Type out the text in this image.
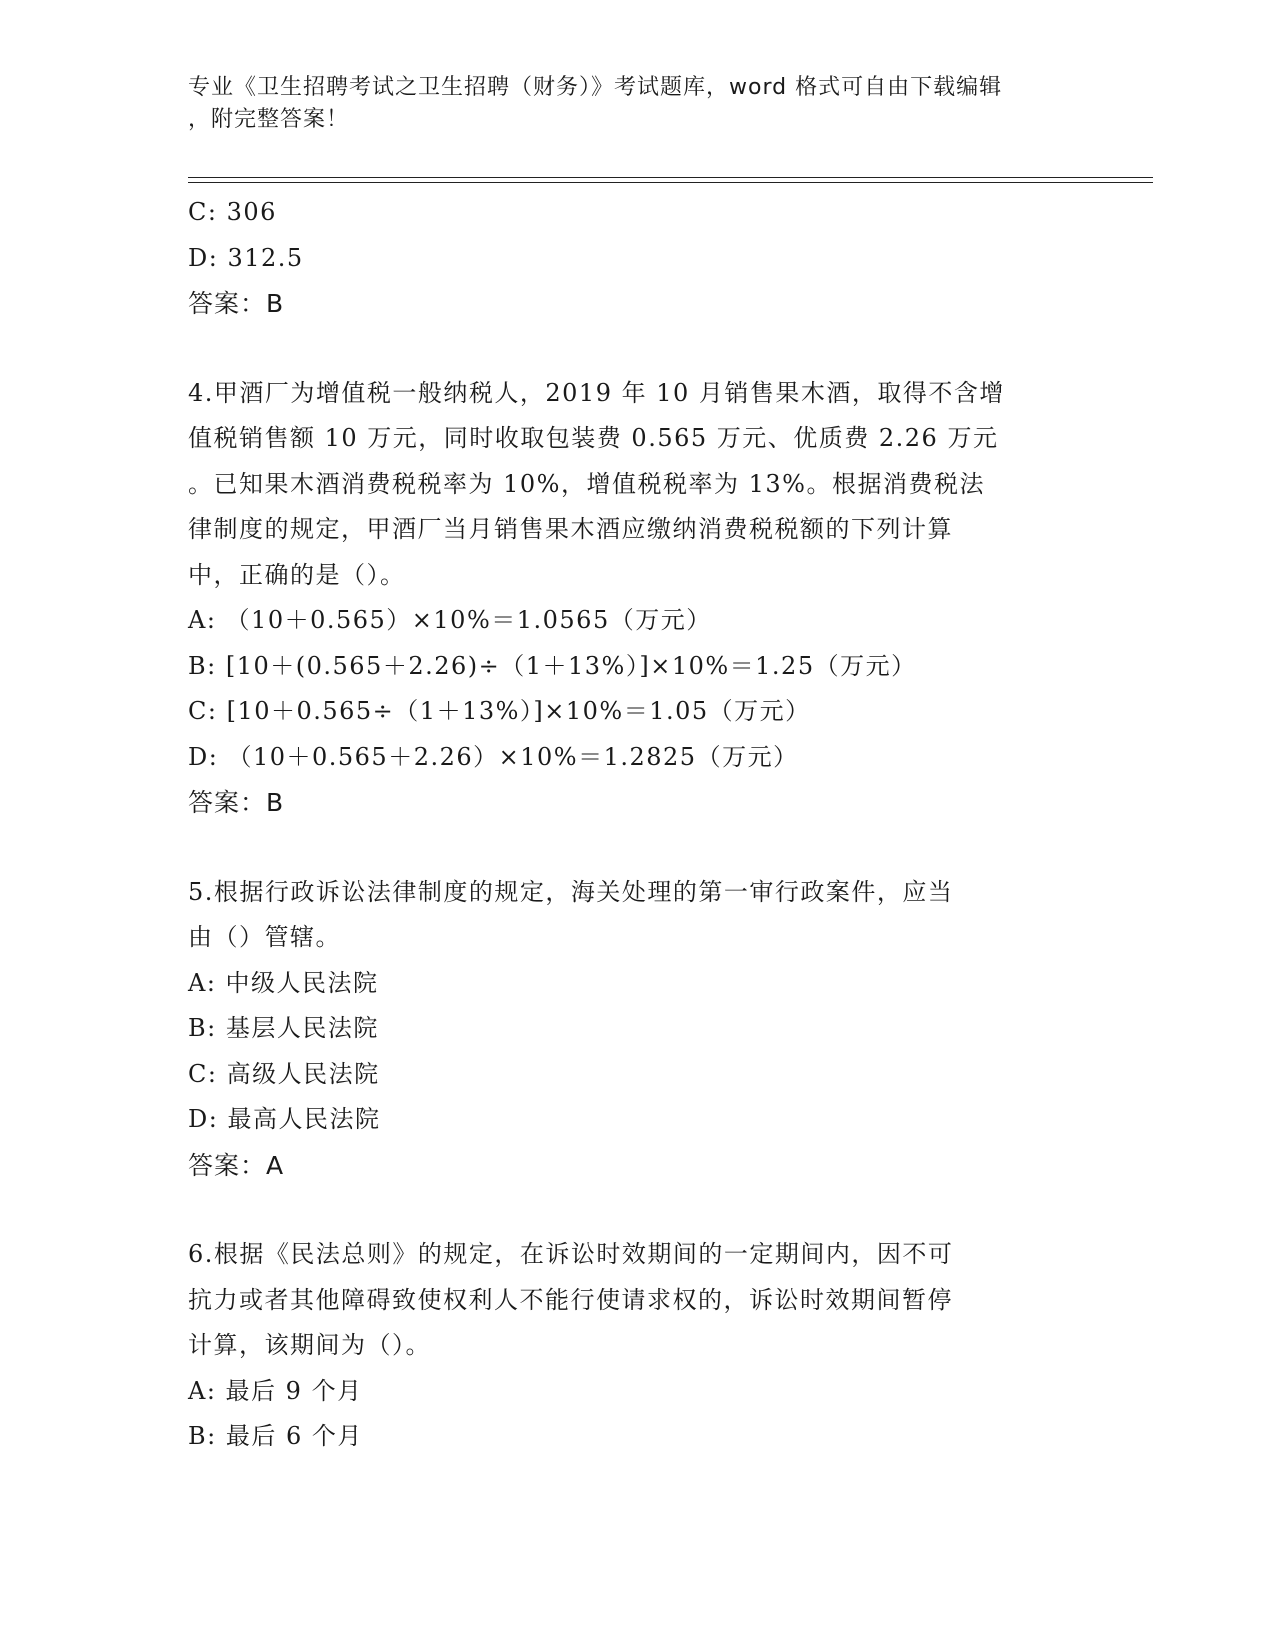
专业《卫生招聘考试之卫生招聘（财务）》考试题库，word 格式可自由下载编辑
，附完整答案！
C: 306
D: 312.5
答案：B
4.甲酒厂为增值税一般纳税人，2019 年 10 月销售果木酒，取得不含增
值税销售额 10 万元，同时收取包装费 0.565 万元、优质费 2.26 万元
。已知果木酒消费税税率为 10%，增值税税率为 13%。根据消费税法
律制度的规定，甲酒厂当月销售果木酒应缴纳消费税税额的下列计算
中，正确的是（）。
A: （10＋0.565）×10%＝1.0565（万元）
B: [10＋(0.565＋2.26)÷（1＋13%）]×10%＝1.25（万元）
C: [10＋0.565÷（1＋13%）]×10%＝1.05（万元）
D: （10＋0.565＋2.26）×10%＝1.2825（万元）
答案：B
5.根据行政诉讼法律制度的规定，海关处理的第一审行政案件，应当
由（）管辖。
A: 中级人民法院
B: 基层人民法院
C: 高级人民法院
D: 最高人民法院
答案：A
6.根据《民法总则》的规定，在诉讼时效期间的一定期间内，因不可
抗力或者其他障碍致使权利人不能行使请求权的，诉讼时效期间暂停
计算，该期间为（）。
A: 最后 9 个月
B: 最后 6 个月
